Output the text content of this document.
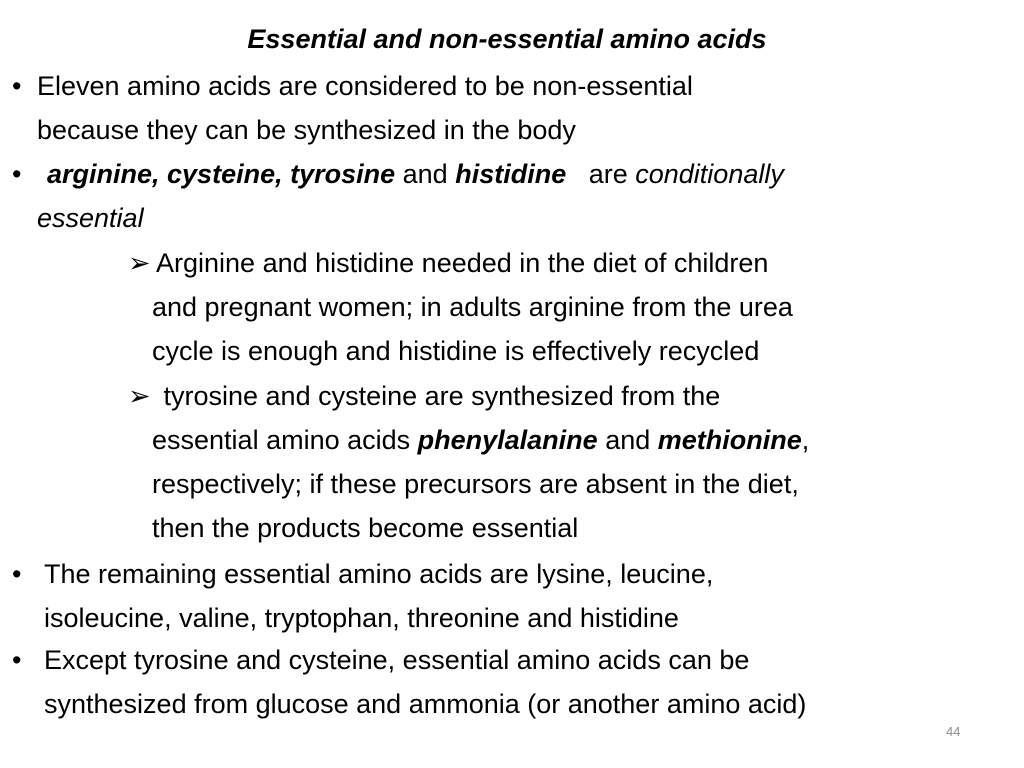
Essential and non-essential amino acids
• Eleven amino acids are considered to be non-essential
because they can be synthesized in the body
• arginine, cysteine, tyrosine and histidine   are conditionally
essential
➢ Arginine and histidine needed in the diet of children
and pregnant women; in adults arginine from the urea
cycle is enough and histidine is effectively recycled
➢ tyrosine and cysteine are synthesized from the
essential amino acids phenylalanine and methionine,
respectively; if these precursors are absent in the diet,
then the products become essential
• The remaining essential amino acids are lysine, leucine,
isoleucine, valine, tryptophan, threonine and histidine
• Except tyrosine and cysteine, essential amino acids can be
synthesized from glucose and ammonia (or another amino acid)
44
